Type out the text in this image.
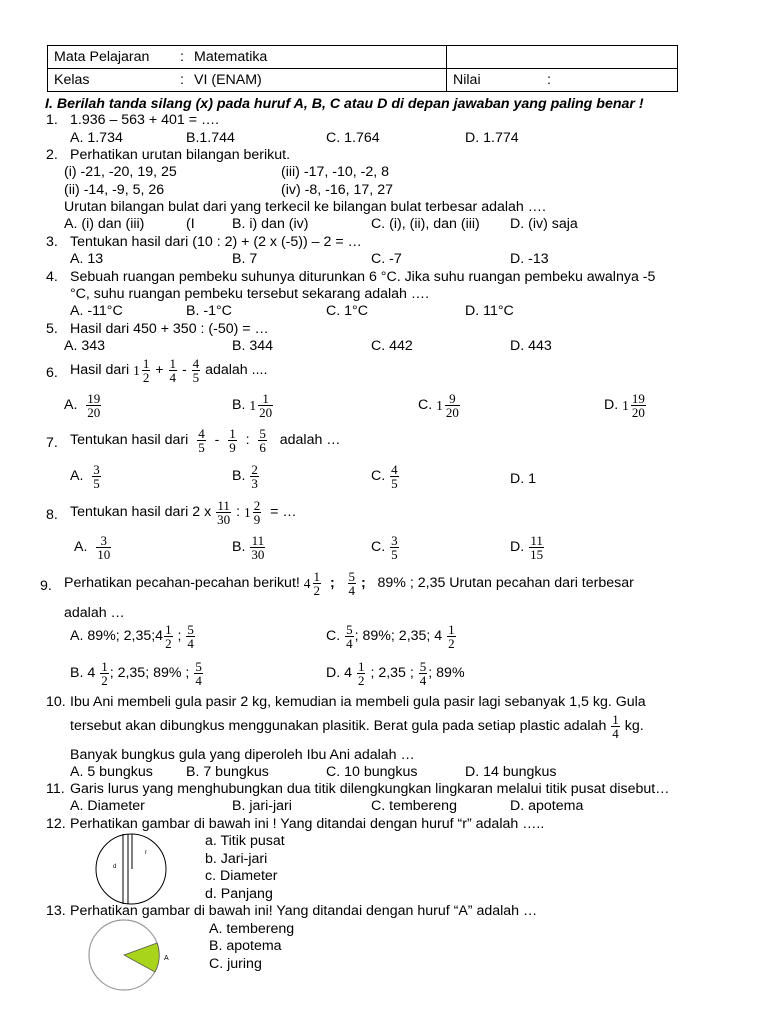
Mata Pelajaran : Matematika	
Kelas : VI (ENAM)	Nilai :
I. Berilah tanda silang (x) pada huruf A, B, C atau D di depan jawaban yang paling benar !
1. 1.936 – 563 + 401 = ….
A. 1.734	B.1.744	C. 1.764	D. 1.774
2. Perhatikan urutan bilangan berikut.
(i) -21, -20, 19, 25	(iii) -17, -10, -2, 8
(ii) -14, -9, 5, 26	(iv) -8, -16, 17, 27
Urutan bilangan bulat dari yang terkecil ke bilangan bulat terbesar adalah ….
A. (i) dan (iii)	(I	B. i) dan (iv)	C. (i), (ii), dan (iii) D. (iv) saja
3. Tentukan hasil dari (10 : 2) + (2 x (-5)) – 2 = …
A. 13	B. 7	C. -7	D. -13
4. Sebuah ruangan pembeku suhunya diturunkan 6 °C. Jika suhu ruangan pembeku awalnya -5
°C, suhu ruangan pembeku tersebut sekarang adalah ….
A. -11°C	B. -1°C	C. 1°C	D. 11°C
5. Hasil dari 450 + 350 : (-50) = …
A. 343	B. 344	C. 442	D. 443
6. Hasil dari
$1 \frac{1}{2} + \frac{1}{4} - \frac{4}{5}$
adalah ....
A.
$\frac{19}{20}$	B.
$1 \frac{1}{20}$	C.
$1 \frac{9}{20}$	D.
$1 \frac{19}{20}$
7. Tentukan hasil dari
$\frac{4}{5} - \frac{1}{9}$ : $\frac{5}{6}$
adalah …
A.
$\frac{3}{5}$	B.
$\frac{2}{3}$	C.
$\frac{4}{5}$	D. 1
8. Tentukan hasil dari 2 x
$\frac{11}{30}$ : $1 \frac{2}{9}$
= …
A.
$\frac{3}{10}$	B.
$\frac{11}{30}$	C.
$\frac{3}{5}$	D.
$\frac{11}{15}$
9. Perhatikan pecahan-pecahan berikut!
$4 \frac{1}{2}$
;
$\frac{5}{4}$
;
89% ; 2,35 Urutan pecahan dari terbesar
adalah …
A. 89%; 2,35;4 $\frac{1}{2}$ ; $\frac{5}{4}$	C.
$\frac{5}{4}$ ; 89%; 2,35; 4
$\frac{1}{2}$
B. 4
$\frac{1}{2}$ ; 2,35; 89% ;
$\frac{5}{4}$	D. 4
$\frac{1}{2}$
; 2,35 ;
$\frac{5}{4}$ ; 89%
10. Ibu Ani membeli gula pasir 2 kg, kemudian ia membeli gula pasir lagi sebanyak 1,5 kg. Gula
tersebut akan dibungkus menggunakan plasitik. Berat gula pada setiap plastic adalah
$\frac{1}{4}$
kg.
Banyak bungkus gula yang diperoleh Ibu Ani adalah …
A. 5 bungkus B. 7 bungkus	C. 10 bungkus	D. 14 bungkus
11. Garis lurus yang menghubungkan dua titik dilengkungkan lingkaran melalui titik pusat disebut…
A. Diameter	B. jari-jari	C. tembereng	D. apotema
12. Perhatikan gambar di bawah ini ! Yang ditandai dengan huruf “r” adalah …..
r
d
a. Titik pusat
b. Jari-jari
c. Diameter
d. Panjang
13. Perhatikan gambar di bawah ini! Yang ditandai dengan huruf “A” adalah …
A
A. tembereng
B. apotema
C. juring
